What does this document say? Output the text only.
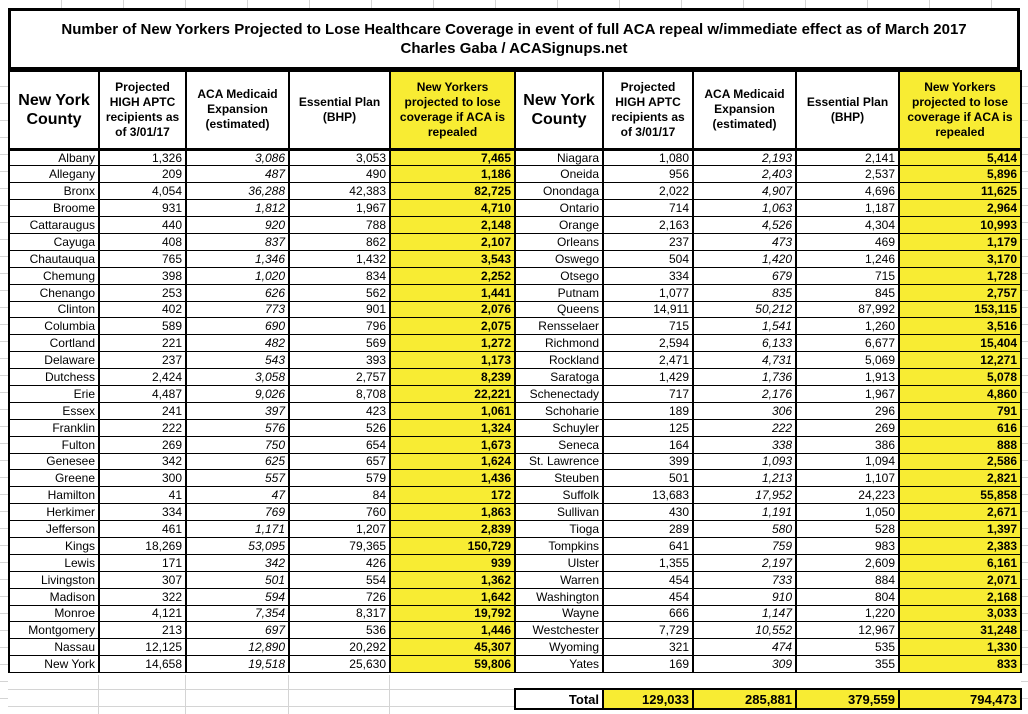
Number of New Yorkers Projected to Lose Healthcare Coverage in event of full ACA repeal w/immediate effect as of March 2017
Charles Gaba / ACASignups.net
New York County	Projected HIGH APTC recipients as of 3/01/17	ACA Medicaid Expansion (estimated)	Essential Plan (BHP)	New Yorkers projected to lose coverage if ACA is repealed
Albany	1,326	3,086	3,053	7,465
Allegany	209	487	490	1,186
Bronx	4,054	36,288	42,383	82,725
Broome	931	1,812	1,967	4,710
Cattaraugus	440	920	788	2,148
Cayuga	408	837	862	2,107
Chautauqua	765	1,346	1,432	3,543
Chemung	398	1,020	834	2,252
Chenango	253	626	562	1,441
Clinton	402	773	901	2,076
Columbia	589	690	796	2,075
Cortland	221	482	569	1,272
Delaware	237	543	393	1,173
Dutchess	2,424	3,058	2,757	8,239
Erie	4,487	9,026	8,708	22,221
Essex	241	397	423	1,061
Franklin	222	576	526	1,324
Fulton	269	750	654	1,673
Genesee	342	625	657	1,624
Greene	300	557	579	1,436
Hamilton	41	47	84	172
Herkimer	334	769	760	1,863
Jefferson	461	1,171	1,207	2,839
Kings	18,269	53,095	79,365	150,729
Lewis	171	342	426	939
Livingston	307	501	554	1,362
Madison	322	594	726	1,642
Monroe	4,121	7,354	8,317	19,792
Montgomery	213	697	536	1,446
Nassau	12,125	12,890	20,292	45,307
New York	14,658	19,518	25,630	59,806
New York County	Projected HIGH APTC recipients as of 3/01/17	ACA Medicaid Expansion (estimated)	Essential Plan (BHP)	New Yorkers projected to lose coverage if ACA is repealed
Niagara	1,080	2,193	2,141	5,414
Oneida	956	2,403	2,537	5,896
Onondaga	2,022	4,907	4,696	11,625
Ontario	714	1,063	1,187	2,964
Orange	2,163	4,526	4,304	10,993
Orleans	237	473	469	1,179
Oswego	504	1,420	1,246	3,170
Otsego	334	679	715	1,728
Putnam	1,077	835	845	2,757
Queens	14,911	50,212	87,992	153,115
Rensselaer	715	1,541	1,260	3,516
Richmond	2,594	6,133	6,677	15,404
Rockland	2,471	4,731	5,069	12,271
Saratoga	1,429	1,736	1,913	5,078
Schenectady	717	2,176	1,967	4,860
Schoharie	189	306	296	791
Schuyler	125	222	269	616
Seneca	164	338	386	888
St. Lawrence	399	1,093	1,094	2,586
Steuben	501	1,213	1,107	2,821
Suffolk	13,683	17,952	24,223	55,858
Sullivan	430	1,191	1,050	2,671
Tioga	289	580	528	1,397
Tompkins	641	759	983	2,383
Ulster	1,355	2,197	2,609	6,161
Warren	454	733	884	2,071
Washington	454	910	804	2,168
Wayne	666	1,147	1,220	3,033
Westchester	7,729	10,552	12,967	31,248
Wyoming	321	474	535	1,330
Yates	169	309	355	833
Total	129,033	285,881	379,559	794,473
